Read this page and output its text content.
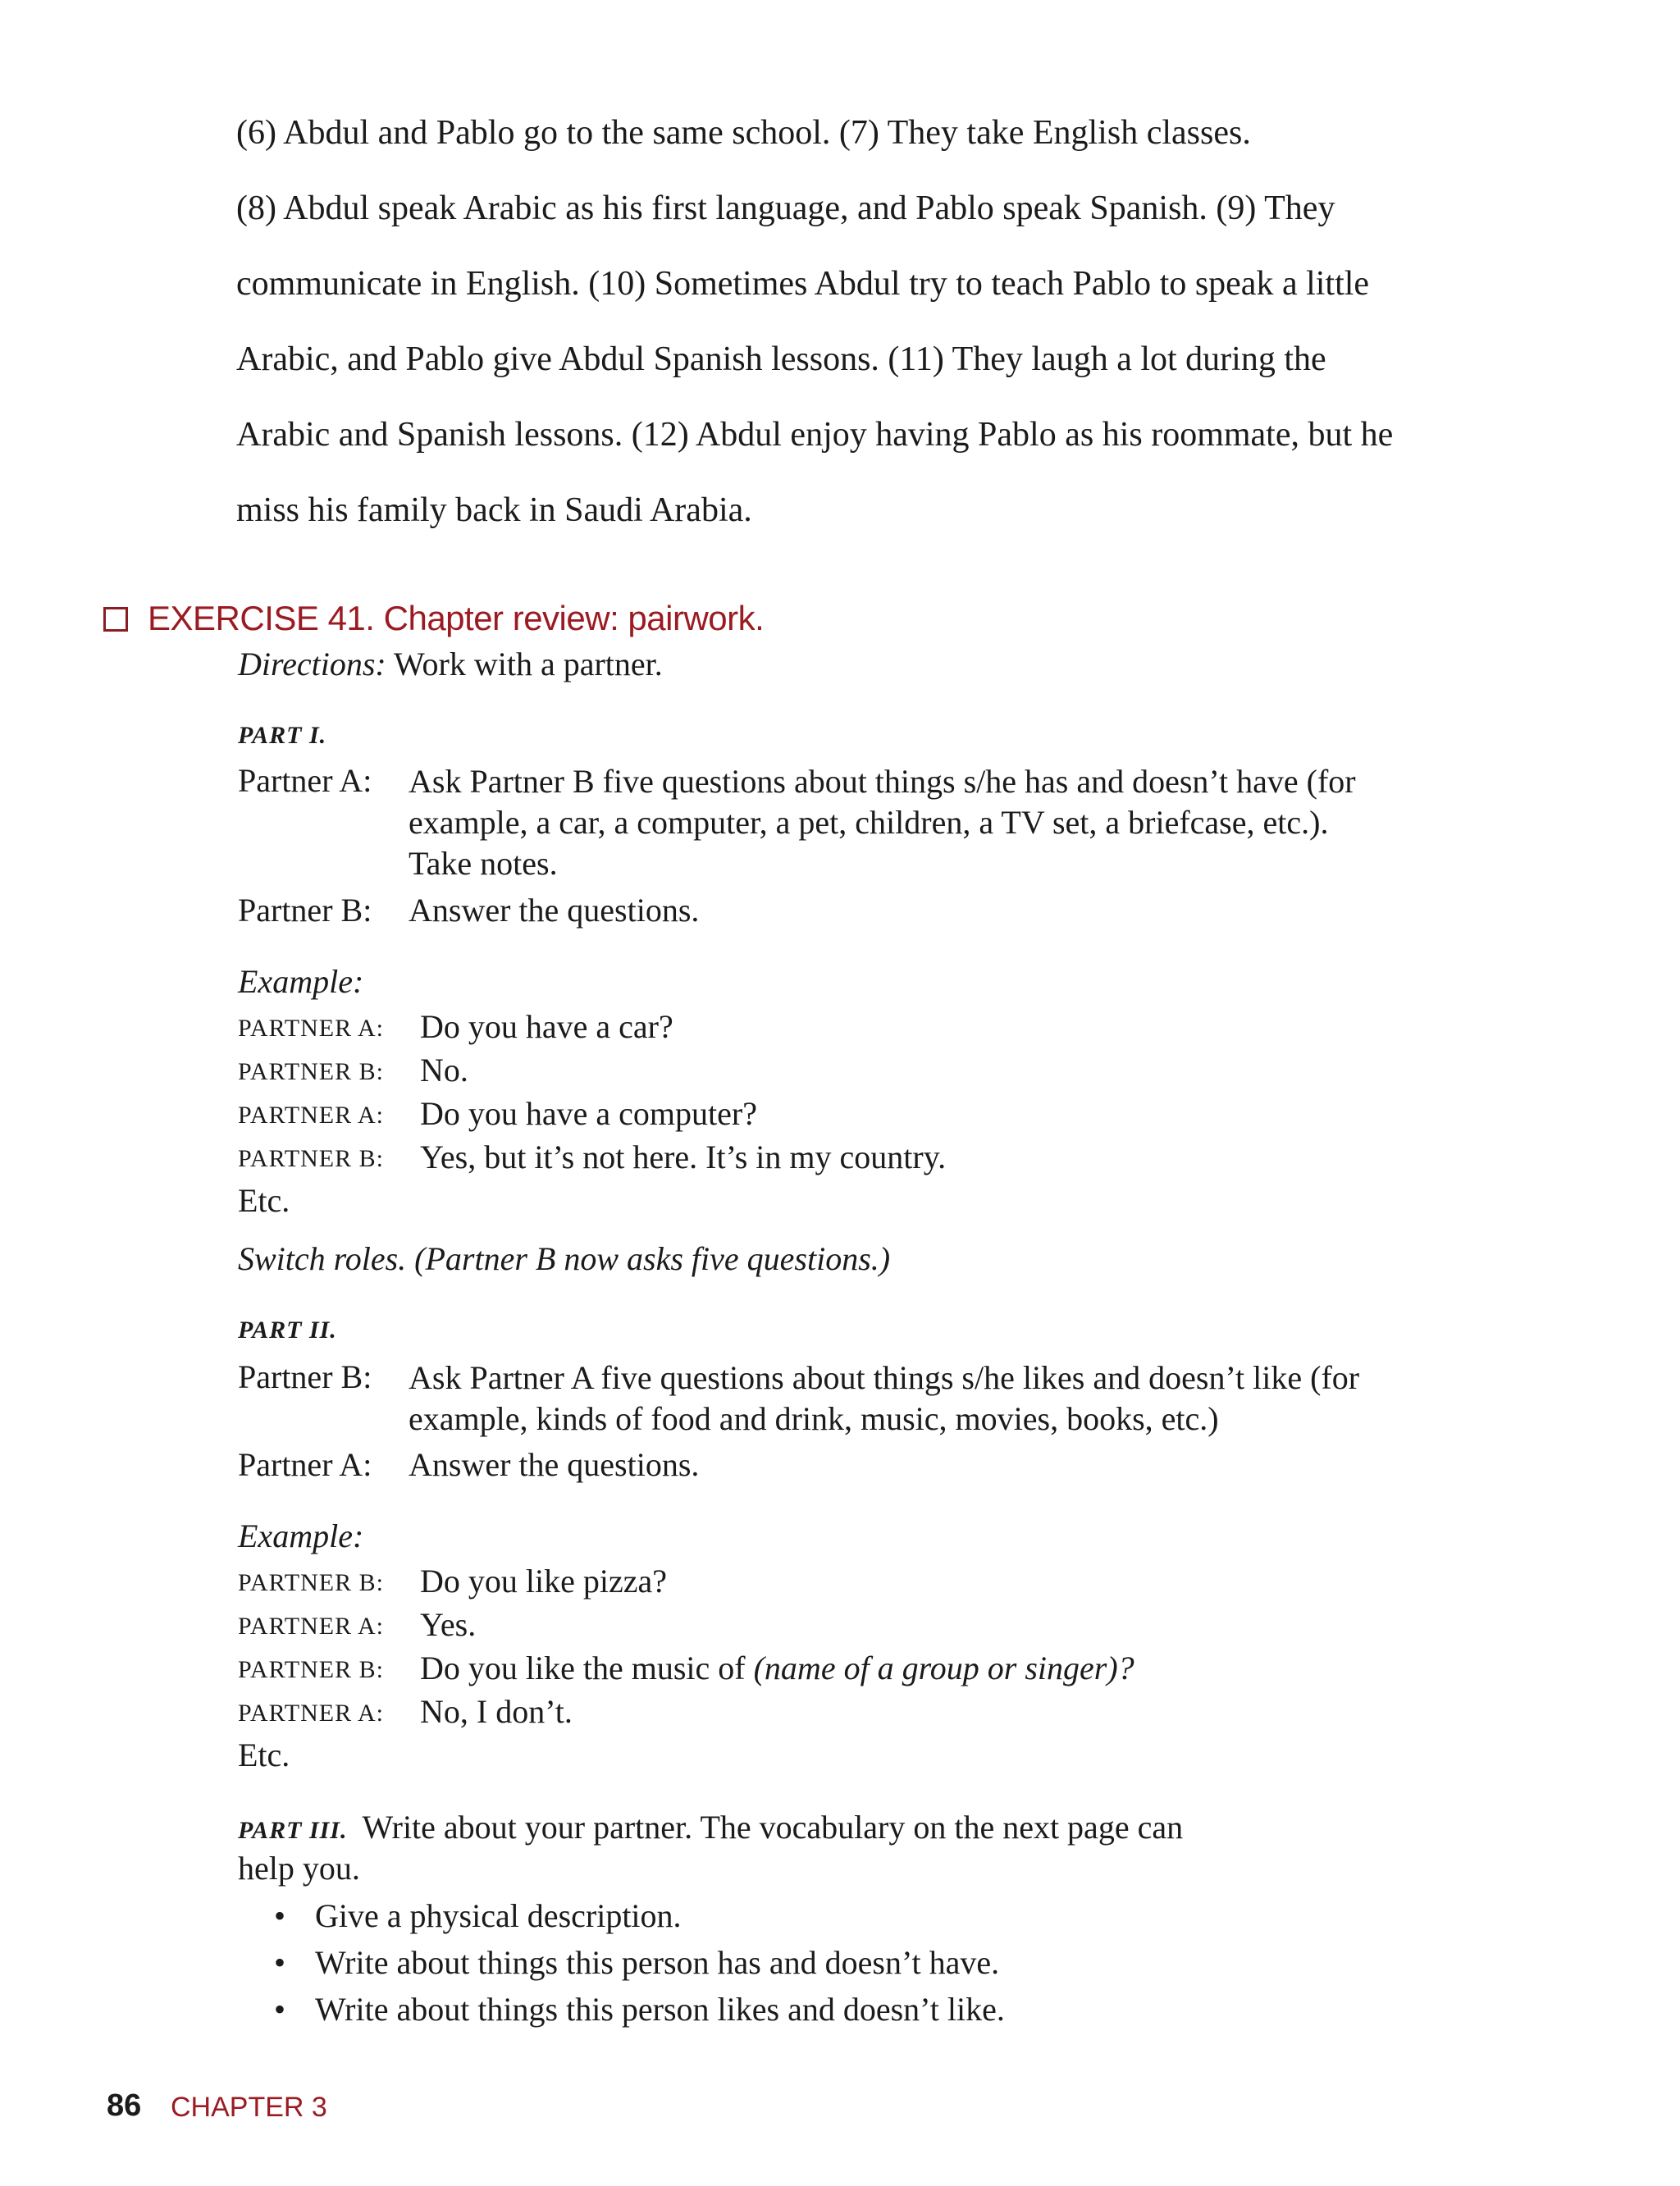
(6) Abdul and Pablo go to the same school. (7) They take English classes.
(8) Abdul speak Arabic as his first language, and Pablo speak Spanish. (9) They
communicate in English. (10) Sometimes Abdul try to teach Pablo to speak a little
Arabic, and Pablo give Abdul Spanish lessons. (11) They laugh a lot during the
Arabic and Spanish lessons. (12) Abdul enjoy having Pablo as his roommate, but he
miss his family back in Saudi Arabia.
EXERCISE 41. Chapter review: pairwork.
Directions: Work with a partner.
PART I.
Partner A: Ask Partner B five questions about things s/he has and doesn’t have (for
example, a car, a computer, a pet, children, a TV set, a briefcase, etc.).
Take notes.
Partner B: Answer the questions.
Example:
PARTNER A: Do you have a car?
PARTNER B: No.
PARTNER A: Do you have a computer?
PARTNER B: Yes, but it’s not here. It’s in my country.
Etc.
Switch roles. (Partner B now asks five questions.)
PART II.
Partner B: Ask Partner A five questions about things s/he likes and doesn’t like (for
example, kinds of food and drink, music, movies, books, etc.)
Partner A: Answer the questions.
Example:
PARTNER B: Do you like pizza?
PARTNER A: Yes.
PARTNER B: Do you like the music of (name of a group or singer)?
PARTNER A: No, I don’t.
Etc.
PART III. Write about your partner. The vocabulary on the next page can
help you.
• Give a physical description.
• Write about things this person has and doesn’t have.
• Write about things this person likes and doesn’t like.
86 CHAPTER 3
